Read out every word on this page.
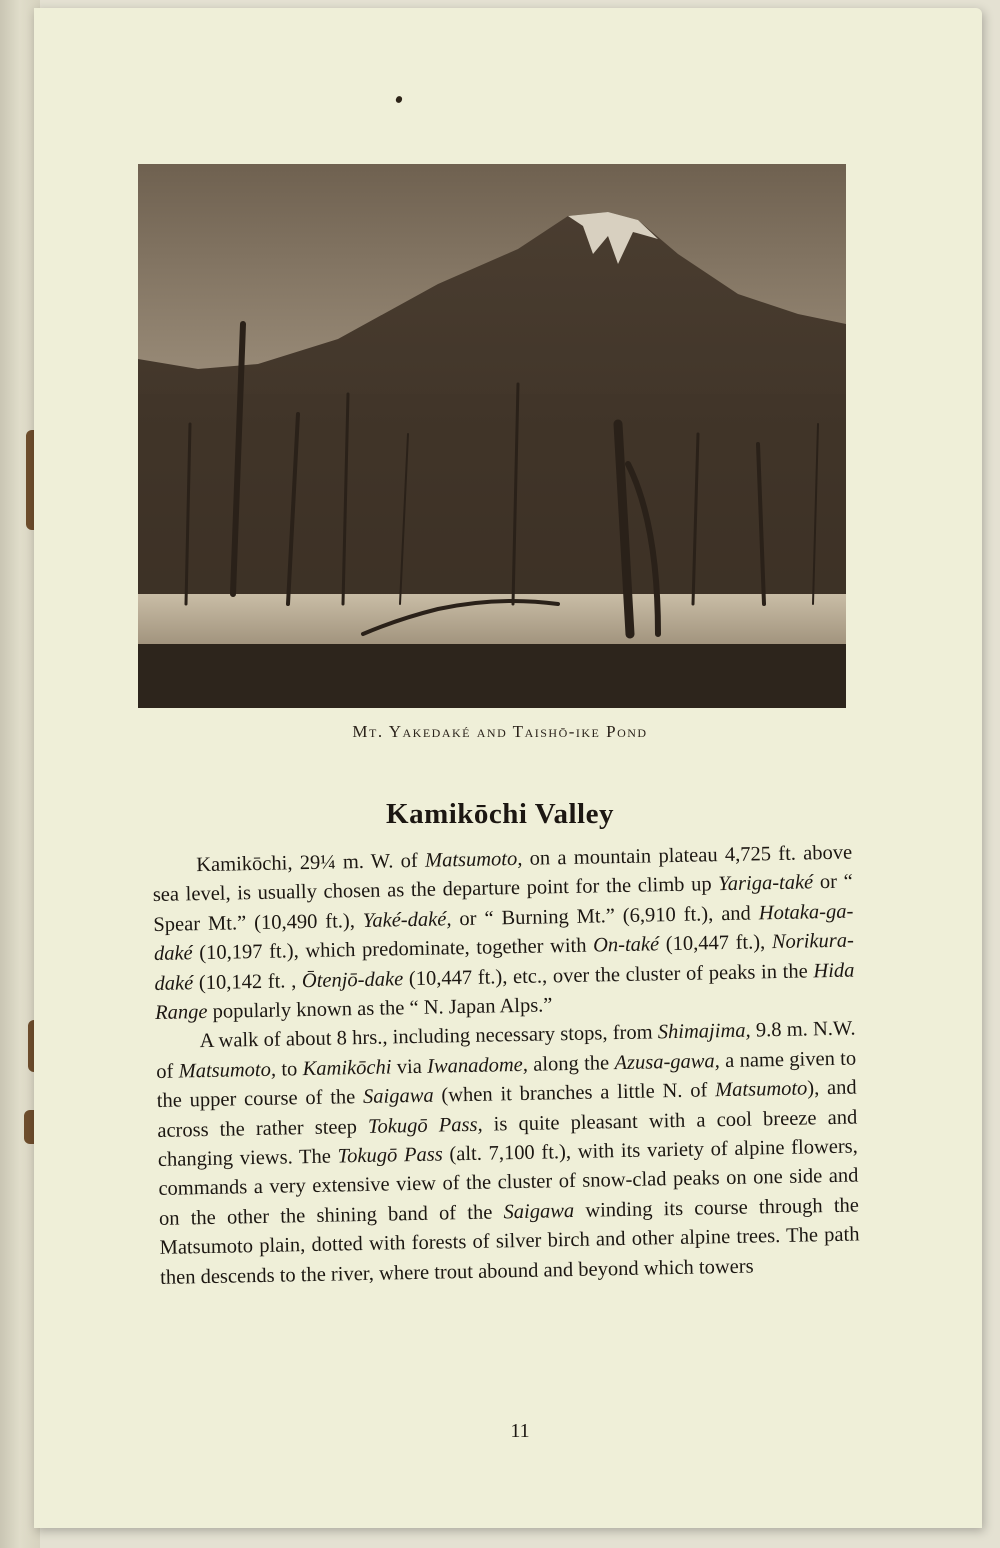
Mt. Yakedaké and Taishō-ike Pond
Kamikōchi Valley

Kamikōchi, 29¼ m. W. of Matsumoto, on a mountain plateau 4,725 ft. above sea level, is usually chosen as the departure point for the climb up Yariga-také or “ Spear Mt.” (10,490 ft.), Yaké-daké, or “ Burning Mt.” (6,910 ft.), and Hotaka-ga-daké (10,197 ft.), which predominate, together with On-také (10,447 ft.), Norikura-daké (10,142 ft. , Ōtenjō-dake (10,447 ft.), etc., over the cluster of peaks in the Hida Range popularly known as the “ N. Japan Alps.”

A walk of about 8 hrs., including necessary stops, from Shimajima, 9.8 m. N.W. of Matsumoto, to Kamikōchi via Iwanadome, along the Azusa-gawa, a name given to the upper course of the Saigawa (when it branches a little N. of Matsumoto), and across the rather steep Tokugō Pass, is quite pleasant with a cool breeze and changing views. The Tokugō Pass (alt. 7,100 ft.), with its variety of alpine flowers, commands a very extensive view of the cluster of snow-clad peaks on one side and on the other the shining band of the Saigawa winding its course through the Matsumoto plain, dotted with forests of silver birch and other alpine trees. The path then descends to the river, where trout abound and beyond which towers

11
